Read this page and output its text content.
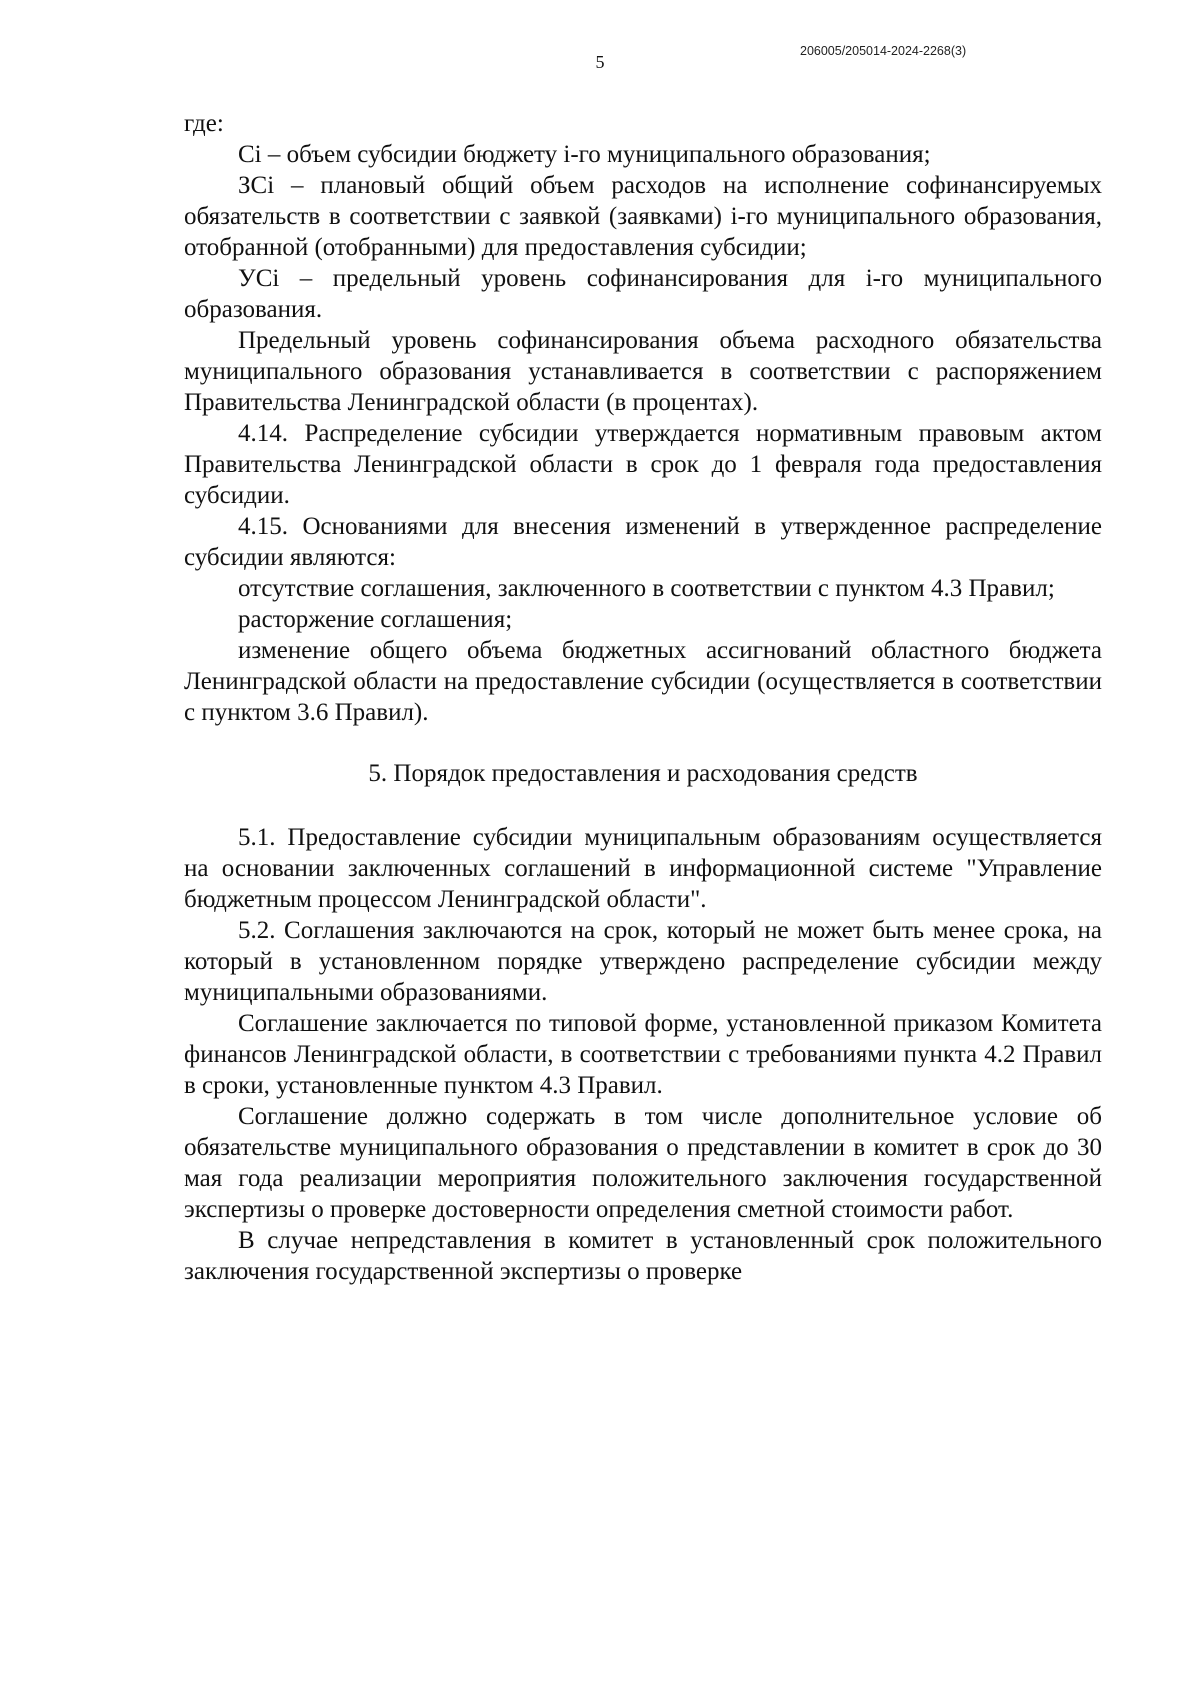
5
206005/205014-2024-2268(3)

где:

Ci – объем субсидии бюджету i-го муниципального образования;

ЗCi – плановый общий объем расходов на исполнение софинансируемых обязательств в соответствии с заявкой (заявками) i-го муниципального образования, отобранной (отобранными) для предоставления субсидии;

УCi – предельный уровень софинансирования для i-го муниципального образования.

Предельный уровень софинансирования объема расходного обязательства муниципального образования устанавливается в соответствии с распоряжением Правительства Ленинградской области (в процентах).

4.14. Распределение субсидии утверждается нормативным правовым актом Правительства Ленинградской области в срок до 1 февраля года предоставления субсидии.

4.15. Основаниями для внесения изменений в утвержденное распределение субсидии являются:

отсутствие соглашения, заключенного в соответствии с пунктом 4.3 Правил;

расторжение соглашения;

изменение общего объема бюджетных ассигнований областного бюджета Ленинградской области на предоставление субсидии (осуществляется в соответствии с пунктом 3.6 Правил).

5. Порядок предоставления и расходования средств

5.1. Предоставление субсидии муниципальным образованиям осуществляется на основании заключенных соглашений в информационной системе "Управление бюджетным процессом Ленинградской области".

5.2. Соглашения заключаются на срок, который не может быть менее срока, на который в установленном порядке утверждено распределение субсидии между муниципальными образованиями.

Соглашение заключается по типовой форме, установленной приказом Комитета финансов Ленинградской области, в соответствии с требованиями пункта 4.2 Правил в сроки, установленные пунктом 4.3 Правил.

Соглашение должно содержать в том числе дополнительное условие об обязательстве муниципального образования о представлении в комитет в срок до 30 мая года реализации мероприятия положительного заключения государственной экспертизы о проверке достоверности определения сметной стоимости работ.

В случае непредставления в комитет в установленный срок положительного заключения государственной экспертизы о проверке
